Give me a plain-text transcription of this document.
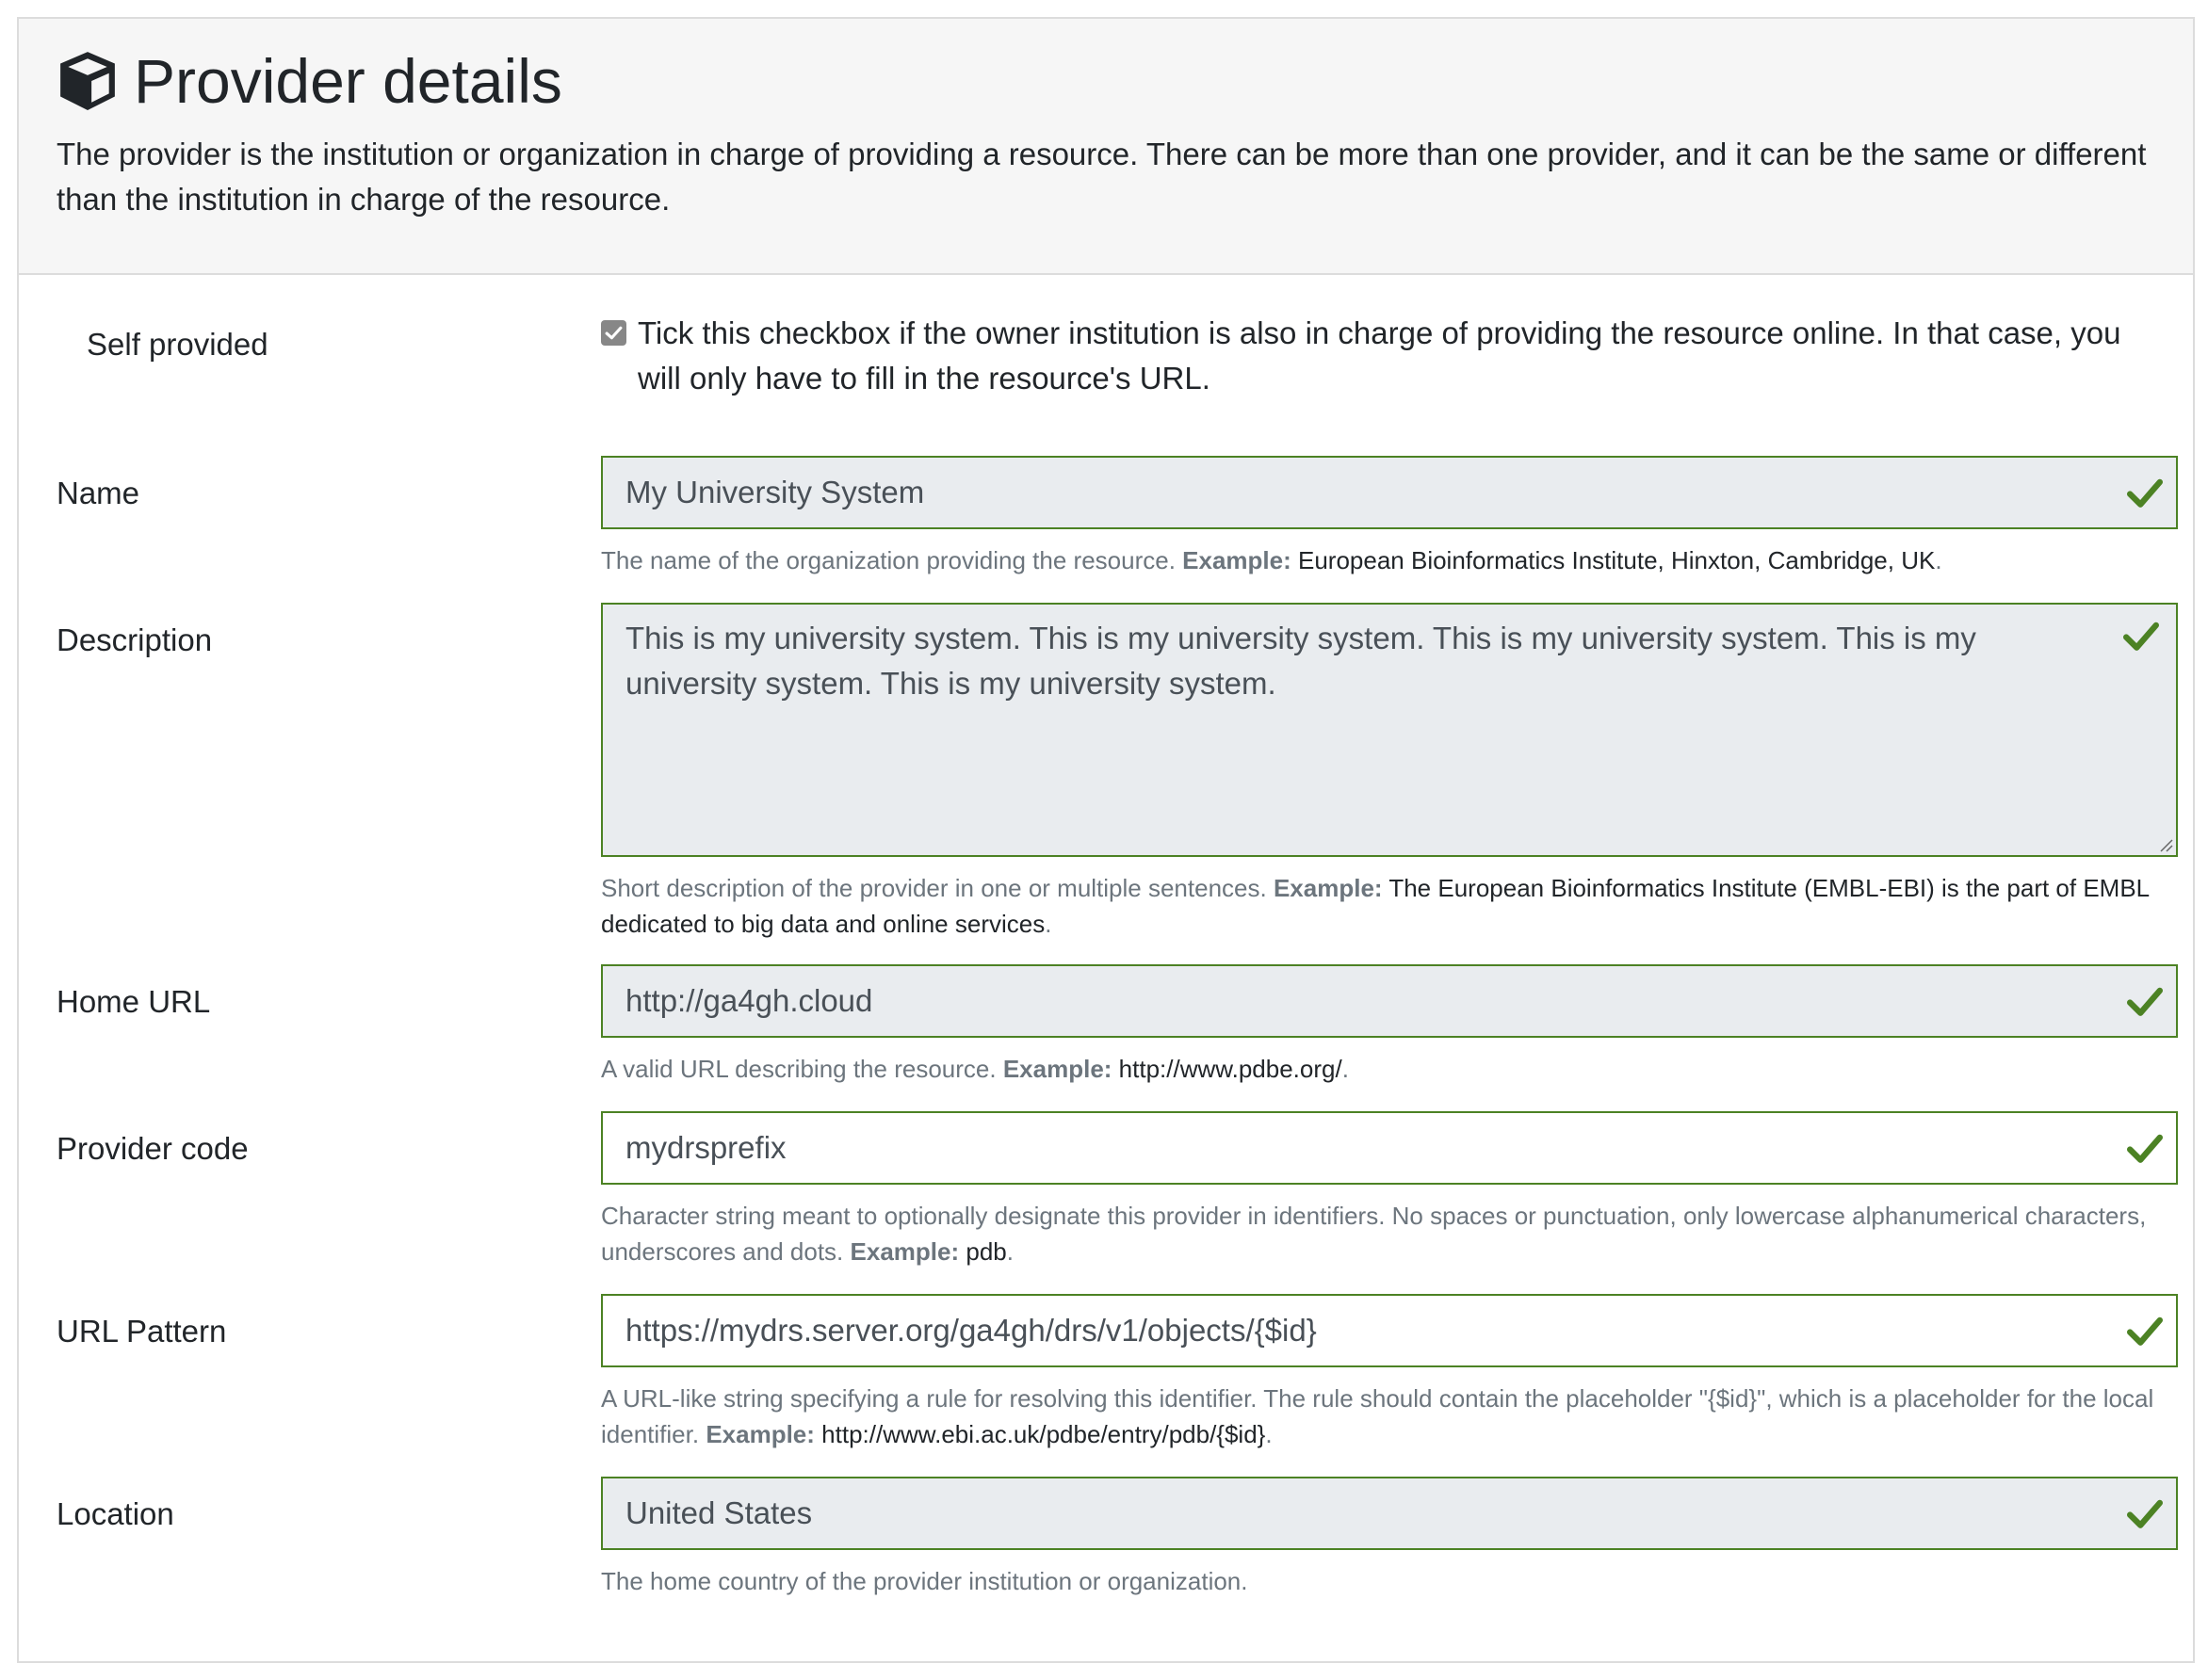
Provider details
The provider is the institution or organization in charge of providing a resource. There can be more than one provider, and it can be the same or different than the institution in charge of the resource.
Self provided	Tick this checkbox if the owner institution is also in charge of providing the resource online. In that case, you will only have to fill in the resource's URL.
Name	My University System
The name of the organization providing the resource. Example: European Bioinformatics Institute, Hinxton, Cambridge, UK.
Description	This is my university system. This is my university system. This is my university system. This is my university system. This is my university system.
Short description of the provider in one or multiple sentences. Example: The European Bioinformatics Institute (EMBL-EBI) is the part of EMBL dedicated to big data and online services.
Home URL	http://ga4gh.cloud
A valid URL describing the resource. Example: http://www.pdbe.org/.
Provider code	mydrsprefix
Character string meant to optionally designate this provider in identifiers. No spaces or punctuation, only lowercase alphanumerical characters, underscores and dots. Example: pdb.
URL Pattern	https://mydrs.server.org/ga4gh/drs/v1/objects/{$id}
A URL-like string specifying a rule for resolving this identifier. The rule should contain the placeholder "{$id}", which is a placeholder for the local identifier. Example: http://www.ebi.ac.uk/pdbe/entry/pdb/{$id}.
Location	United States
The home country of the provider institution or organization.
